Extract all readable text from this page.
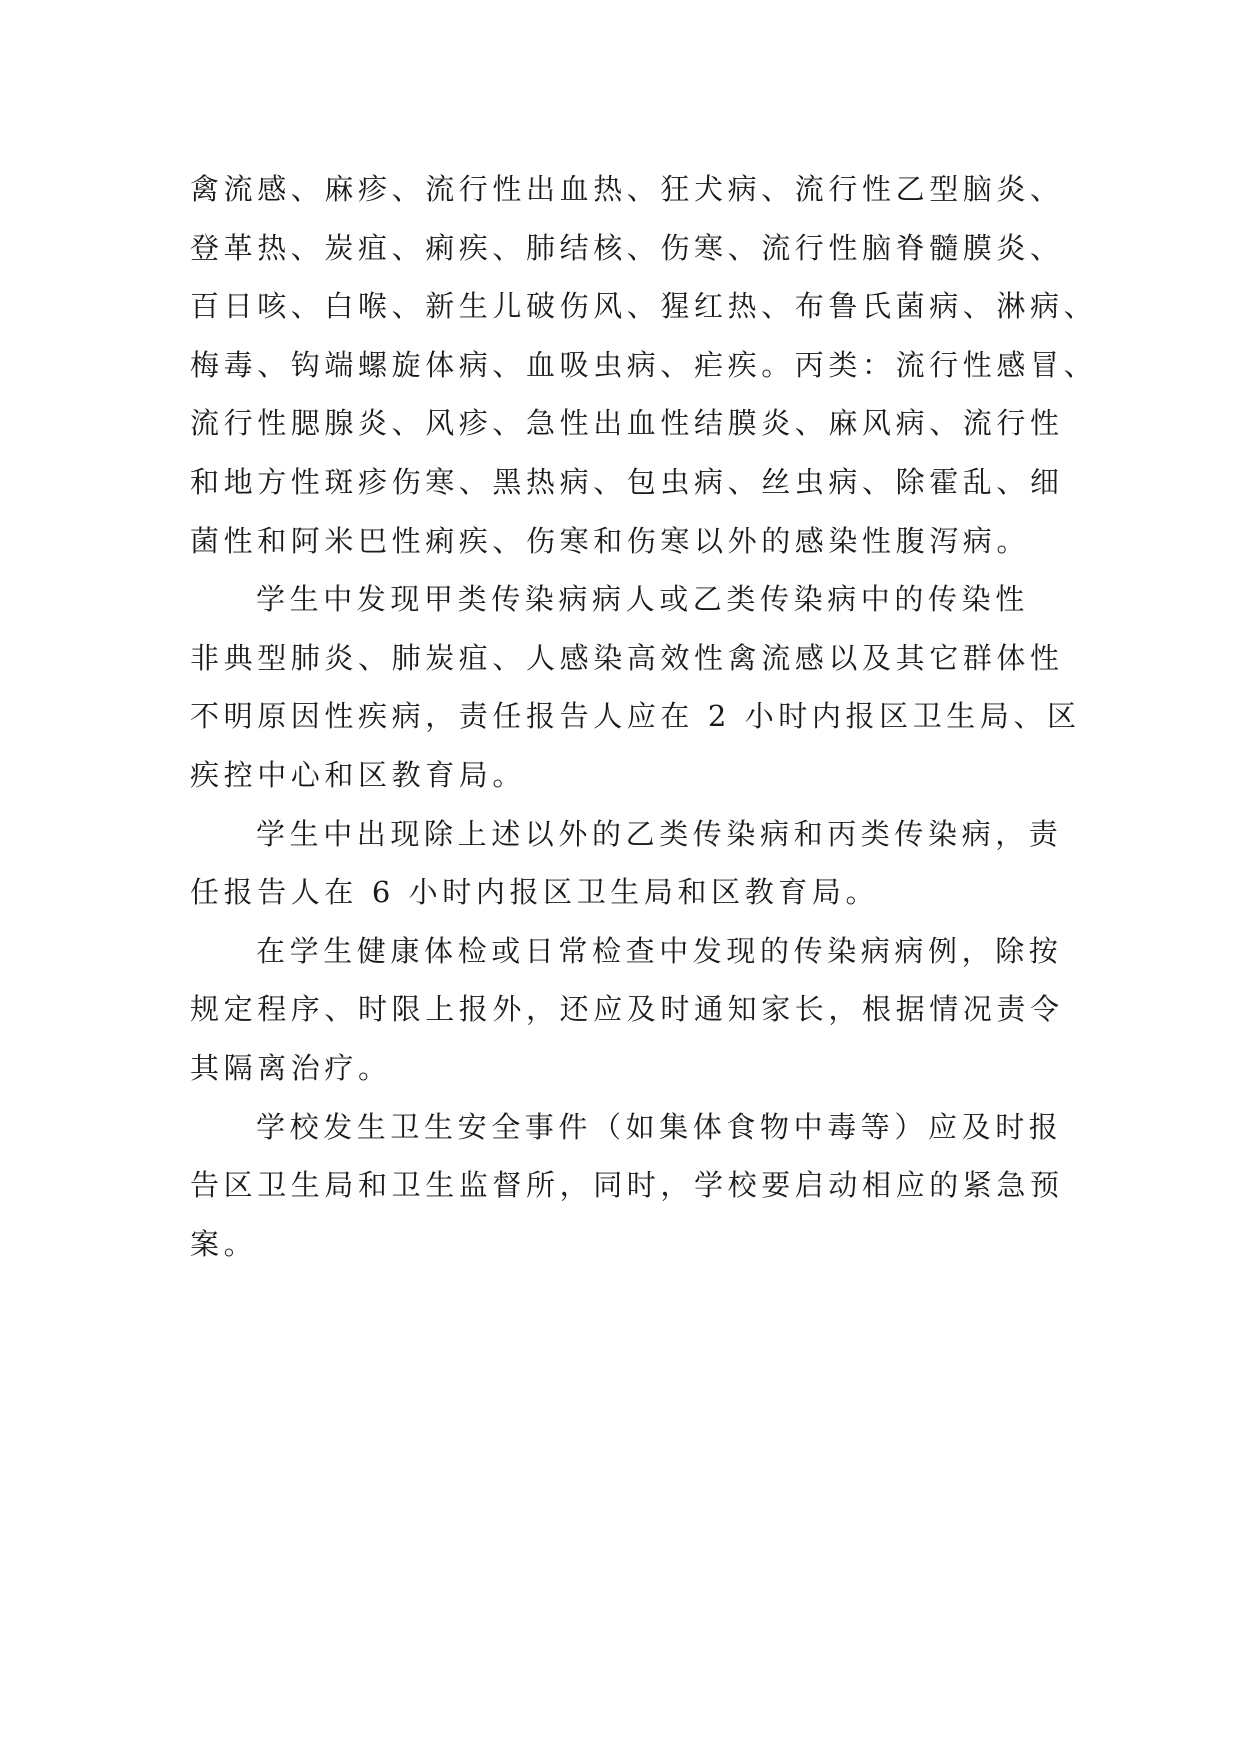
禽流感、麻疹、流行性出血热、狂犬病、流行性乙型脑炎、
登革热、炭疽、痢疾、肺结核、伤寒、流行性脑脊髓膜炎、
百日咳、白喉、新生儿破伤风、猩红热、布鲁氏菌病、淋病、
梅毒、钩端螺旋体病、血吸虫病、疟疾。丙类：流行性感冒、
流行性腮腺炎、风疹、急性出血性结膜炎、麻风病、流行性
和地方性斑疹伤寒、黑热病、包虫病、丝虫病、除霍乱、细
菌性和阿米巴性痢疾、伤寒和伤寒以外的感染性腹泻病。
学生中发现甲类传染病病人或乙类传染病中的传染性
非典型肺炎、肺炭疽、人感染高效性禽流感以及其它群体性
不明原因性疾病，责任报告人应在 2 小时内报区卫生局、区
疾控中心和区教育局。
学生中出现除上述以外的乙类传染病和丙类传染病，责
任报告人在 6 小时内报区卫生局和区教育局。
在学生健康体检或日常检查中发现的传染病病例，除按
规定程序、时限上报外，还应及时通知家长，根据情况责令
其隔离治疗。
学校发生卫生安全事件（如集体食物中毒等）应及时报
告区卫生局和卫生监督所，同时，学校要启动相应的紧急预
案。
